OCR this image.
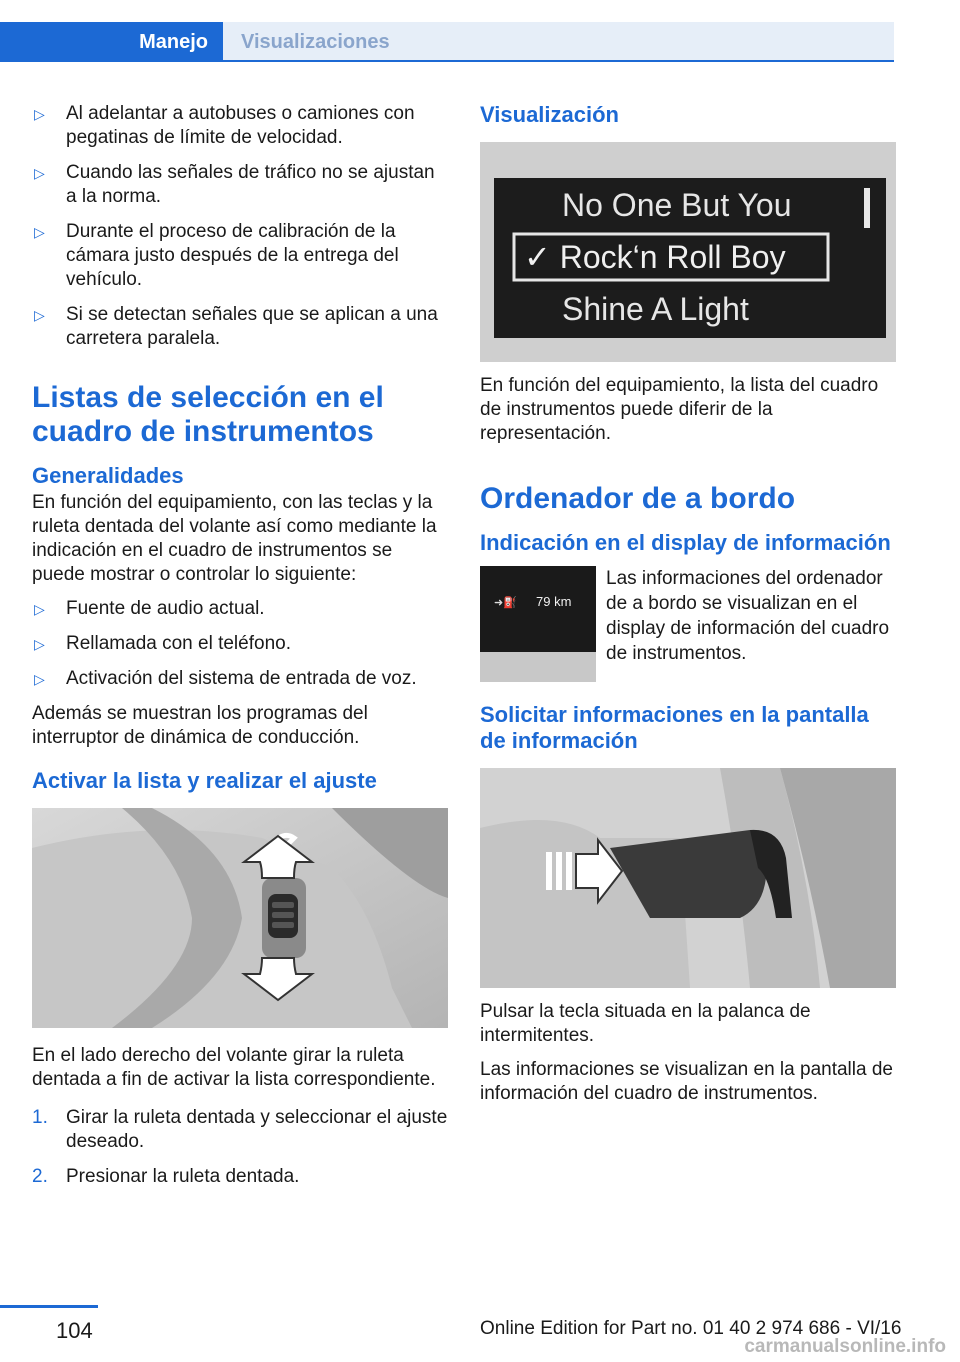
Manejo	Visualizaciones
▷ Al adelantar a autobuses o camiones con pegatinas de límite de velocidad.
▷ Cuando las señales de tráfico no se ajustan a la norma.
▷ Durante el proceso de calibración de la cámara justo después de la entrega del vehículo.
▷ Si se detectan señales que se aplican a una carretera paralela.
Listas de selección en el cuadro de instrumentos
Generalidades

En función del equipamiento, con las teclas y la ruleta dentada del volante así como mediante la indicación en el cuadro de instrumentos se puede mostrar o controlar lo siguiente:

▷ Fuente de audio actual.
▷ Rellamada con el teléfono.
▷ Activación del sistema de entrada de voz.

Además se muestran los programas del interruptor de dinámica de conducción.

Activar la lista y realizar el ajuste

En el lado derecho del volante girar la ruleta dentada a fin de activar la lista correspondiente.

1. Girar la ruleta dentada y seleccionar el ajuste deseado.
2. Presionar la ruleta dentada.
Visualización
No One But You
✓ Rock‘n Roll Boy
Shine A Light

En función del equipamiento, la lista del cuadro de instrumentos puede diferir de la representación.

Ordenador de a bordo
Indicación en el display de información
➜⛽ 79 km
Las informaciones del ordenador de a bordo se visualizan en el display de información del cuadro de instrumentos.
Solicitar informaciones en la pantalla de información

Pulsar la tecla situada en la palanca de intermitentes.

Las informaciones se visualizan en la pantalla de información del cuadro de instrumentos.

104	Online Edition for Part no. 01 40 2 974 686 - VI/16
carmanualsonline.info
